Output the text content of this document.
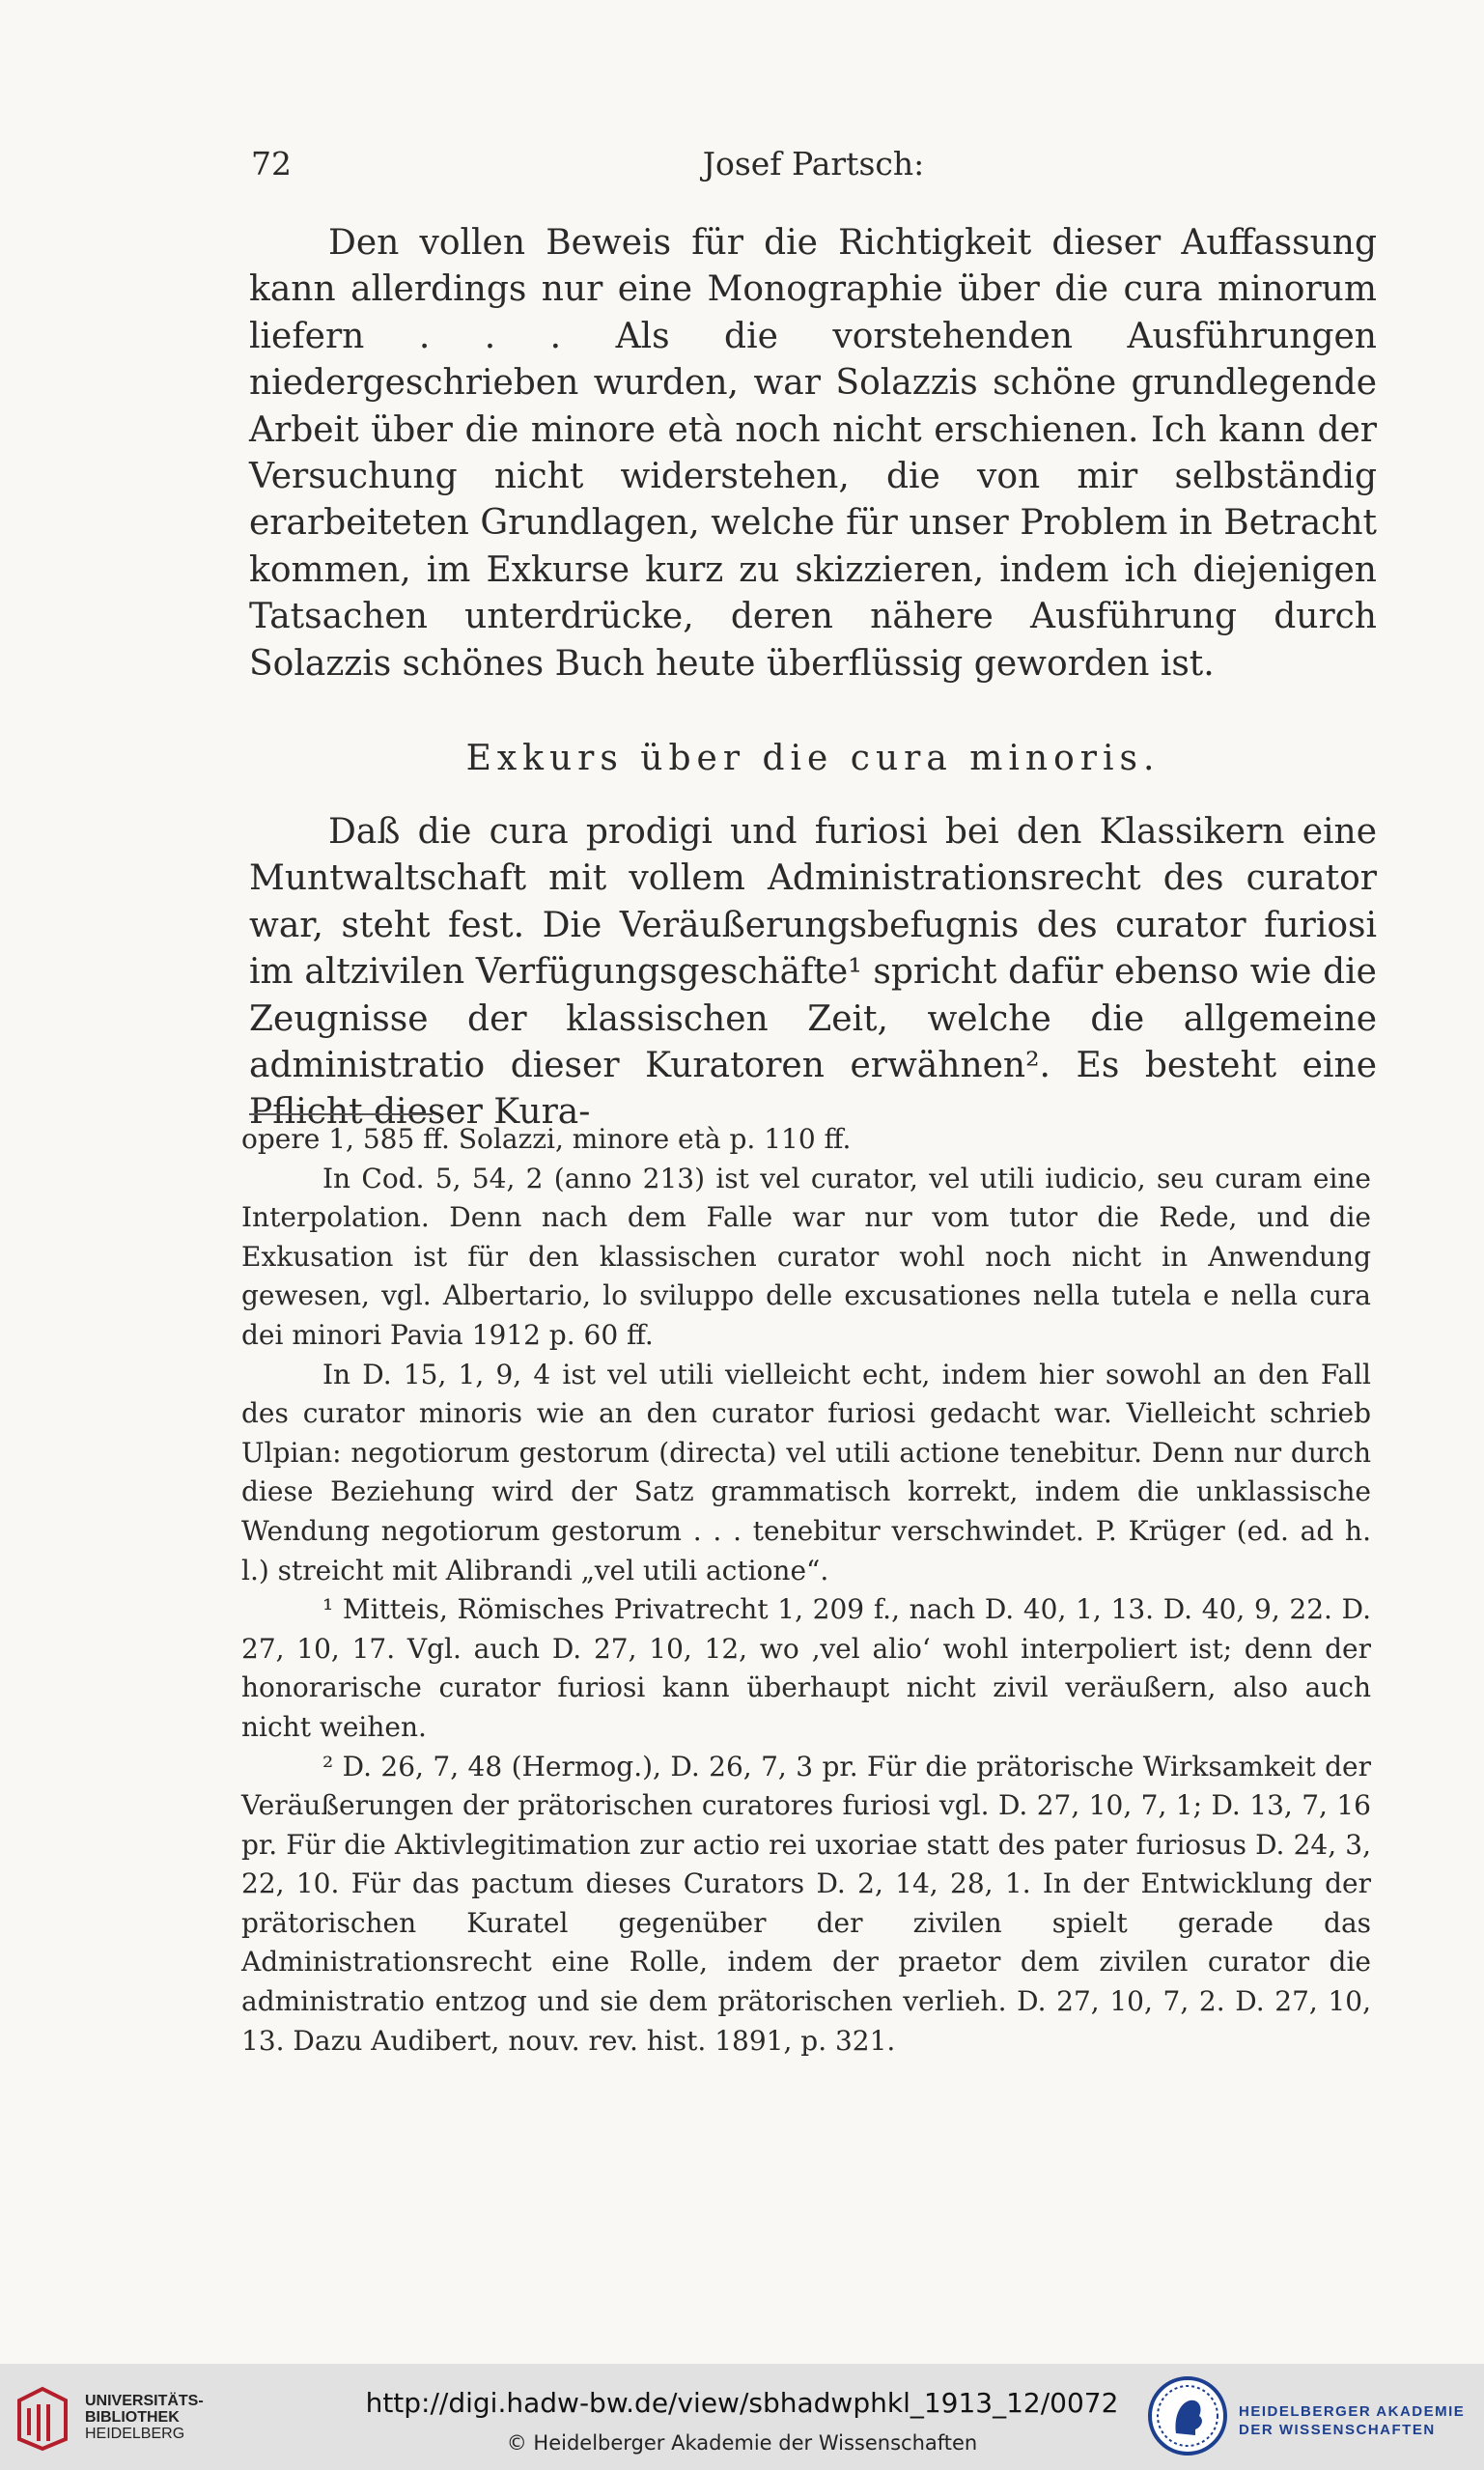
72	Josef Partsch:

Den vollen Beweis für die Richtigkeit dieser Auffassung kann allerdings nur eine Monographie über die cura minorum liefern . . . Als die vorstehenden Ausführungen niedergeschrieben wurden, war Solazzis schöne grundlegende Arbeit über die minore età noch nicht erschienen. Ich kann der Versuchung nicht widerstehen, die von mir selbständig erarbeiteten Grundlagen, welche für unser Problem in Betracht kommen, im Exkurse kurz zu skizzieren, indem ich diejenigen Tatsachen unterdrücke, deren nähere Ausführung durch Solazzis schönes Buch heute überflüssig geworden ist.

Exkurs über die cura minoris.

Daß die cura prodigi und furiosi bei den Klassikern eine Muntwaltschaft mit vollem Administrationsrecht des curator war, steht fest. Die Veräußerungsbefugnis des curator furiosi im altzivilen Verfügungsgeschäfte¹ spricht dafür ebenso wie die Zeugnisse der klassischen Zeit, welche die allgemeine administratio dieser Kuratoren erwähnen². Es besteht eine Pflicht dieser Kura-

opere 1, 585 ff. Solazzi, minore età p. 110 ff.

In Cod. 5, 54, 2 (anno 213) ist vel curator, vel utili iudicio, seu curam eine Interpolation. Denn nach dem Falle war nur vom tutor die Rede, und die Exkusation ist für den klassischen curator wohl noch nicht in Anwendung gewesen, vgl. Albertario, lo sviluppo delle excusationes nella tutela e nella cura dei minori Pavia 1912 p. 60 ff.

In D. 15, 1, 9, 4 ist vel utili vielleicht echt, indem hier sowohl an den Fall des curator minoris wie an den curator furiosi gedacht war. Vielleicht schrieb Ulpian: negotiorum gestorum (directa) vel utili actione tenebitur. Denn nur durch diese Beziehung wird der Satz grammatisch korrekt, indem die unklassische Wendung negotiorum gestorum . . . tenebitur verschwindet. P. Krüger (ed. ad h. l.) streicht mit Alibrandi „vel utili actione“.

¹ Mitteis, Römisches Privatrecht 1, 209 f., nach D. 40, 1, 13. D. 40, 9, 22. D. 27, 10, 17. Vgl. auch D. 27, 10, 12, wo ‚vel alio‘ wohl interpoliert ist; denn der honorarische curator furiosi kann überhaupt nicht zivil veräußern, also auch nicht weihen.

² D. 26, 7, 48 (Hermog.), D. 26, 7, 3 pr. Für die prätorische Wirksamkeit der Veräußerungen der prätorischen curatores furiosi vgl. D. 27, 10, 7, 1; D. 13, 7, 16 pr. Für die Aktivlegitimation zur actio rei uxoriae statt des pater furiosus D. 24, 3, 22, 10. Für das pactum dieses Curators D. 2, 14, 28, 1. In der Entwicklung der prätorischen Kuratel gegenüber der zivilen spielt gerade das Administrationsrecht eine Rolle, indem der praetor dem zivilen curator die administratio entzog und sie dem prätorischen verlieh. D. 27, 10, 7, 2. D. 27, 10, 13. Dazu Audibert, nouv. rev. hist. 1891, p. 321.

UNIVERSITÄTS-
BIBLIOTHEK
HEIDELBERG
http://digi.hadw-bw.de/view/sbhadwphkl_1913_12/0072
© Heidelberger Akademie der Wissenschaften
HEIDELBERGER AKADEMIE
DER WISSENSCHAFTEN
